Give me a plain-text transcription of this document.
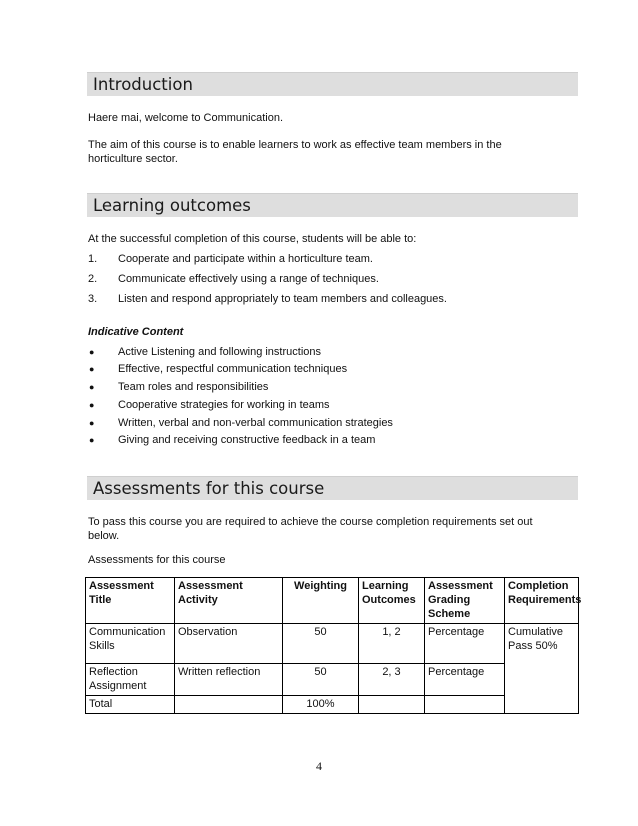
Introduction
Haere mai, welcome to Communication.
The aim of this course is to enable learners to work as effective team members in the
horticulture sector.
Learning outcomes
At the successful completion of this course, students will be able to:
1. Cooperate and participate within a horticulture team.
2. Communicate effectively using a range of techniques.
3. Listen and respond appropriately to team members and colleagues.
Indicative Content
● Active Listening and following instructions
● Effective, respectful communication techniques
● Team roles and responsibilities
● Cooperative strategies for working in teams
● Written, verbal and non-verbal communication strategies
● Giving and receiving constructive feedback in a team
Assessments for this course
To pass this course you are required to achieve the course completion requirements set out
below.
Assessments for this course
Assessment Title	Assessment Activity	Weighting	Learning Outcomes	Assessment Grading Scheme	Completion Requirements
Communication Skills	Observation	50	1, 2	Percentage	Cumulative Pass 50%
Reflection Assignment	Written reflection	50	2, 3	Percentage	
Total		100%			
4
